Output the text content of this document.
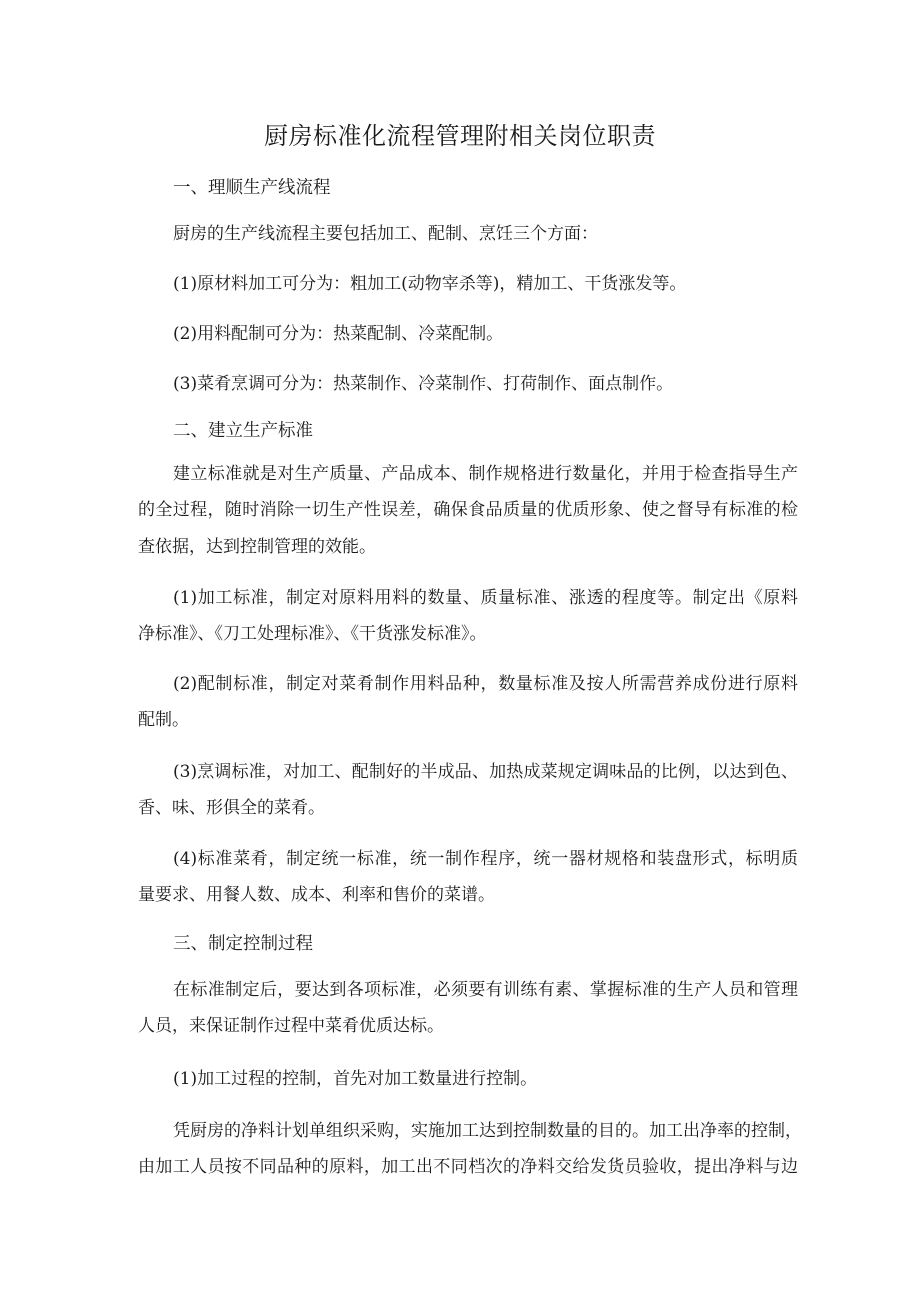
厨房标准化流程管理附相关岗位职责
一、理顺生产线流程
厨房的生产线流程主要包括加工、配制、烹饪三个方面：
(1)原材料加工可分为：粗加工(动物宰杀等)，精加工、干货涨发等。
(2)用料配制可分为：热菜配制、冷菜配制。
(3)菜肴烹调可分为：热菜制作、冷菜制作、打荷制作、面点制作。
二、建立生产标准
建立标准就是对生产质量、产品成本、制作规格进行数量化，并用于检查指导生产
的全过程，随时消除一切生产性误差，确保食品质量的优质形象、使之督导有标准的检
查依据，达到控制管理的效能。
(1)加工标准，制定对原料用料的数量、质量标准、涨透的程度等。制定出《原料
净标准》、《刀工处理标准》、《干货涨发标准》。
(2)配制标准，制定对菜肴制作用料品种，数量标准及按人所需营养成份进行原料
配制。
(3)烹调标准，对加工、配制好的半成品、加热成菜规定调味品的比例，以达到色、
香、味、形俱全的菜肴。
(4)标准菜肴，制定统一标准，统一制作程序，统一器材规格和装盘形式，标明质
量要求、用餐人数、成本、利率和售价的菜谱。
三、制定控制过程
在标准制定后，要达到各项标准，必须要有训练有素、掌握标准的生产人员和管理
人员，来保证制作过程中菜肴优质达标。
(1)加工过程的控制，首先对加工数量进行控制。
凭厨房的净料计划单组织采购，实施加工达到控制数量的目的。加工出净率的控制，
由加工人员按不同品种的原料，加工出不同档次的净料交给发货员验收，提出净料与边
